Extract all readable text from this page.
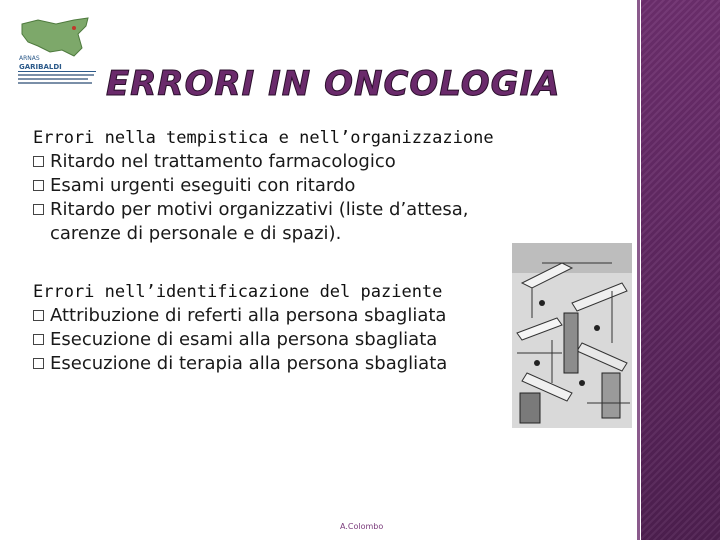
ARNAS
GARIBALDI ERRORI IN ONCOLOGIA

Errori nella tempistica e nell’organizzazione

Ritardo nel trattamento farmacologico
Esami urgenti eseguiti con ritardo
Ritardo per motivi organizzativi (liste d’attesa, carenze di personale e di spazi).

Errori nell’identificazione del paziente

Attribuzione di referti alla persona sbagliata
Esecuzione di esami alla persona sbagliata
Esecuzione di terapia alla persona sbagliata
A.Colombo
